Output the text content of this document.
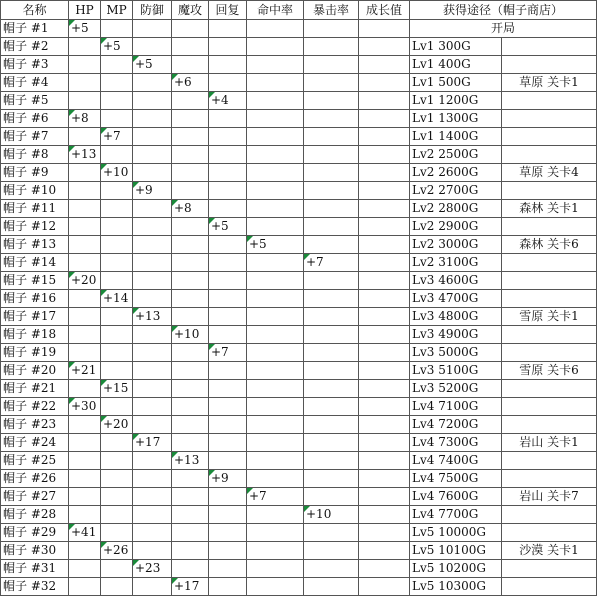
名称	HP	MP	防御	魔攻	回复	命中率	暴击率	成长值	获得途径（帽子商店）	
帽子 #1	+5								开局	
帽子 #2		+5							Lv1 300G	
帽子 #3			+5						Lv1 400G	
帽子 #4				+6					Lv1 500G	草原 关卡1
帽子 #5					+4				Lv1 1200G	
帽子 #6	+8								Lv1 1300G	
帽子 #7		+7							Lv1 1400G	
帽子 #8	+13								Lv2 2500G	
帽子 #9		+10							Lv2 2600G	草原 关卡4
帽子 #10			+9						Lv2 2700G	
帽子 #11				+8					Lv2 2800G	森林 关卡1
帽子 #12					+5				Lv2 2900G	
帽子 #13						+5			Lv2 3000G	森林 关卡6
帽子 #14							+7		Lv2 3100G	
帽子 #15	+20								Lv3 4600G	
帽子 #16		+14							Lv3 4700G	
帽子 #17			+13						Lv3 4800G	雪原 关卡1
帽子 #18				+10					Lv3 4900G	
帽子 #19					+7				Lv3 5000G	
帽子 #20	+21								Lv3 5100G	雪原 关卡6
帽子 #21		+15							Lv3 5200G	
帽子 #22	+30								Lv4 7100G	
帽子 #23		+20							Lv4 7200G	
帽子 #24			+17						Lv4 7300G	岩山 关卡1
帽子 #25				+13					Lv4 7400G	
帽子 #26					+9				Lv4 7500G	
帽子 #27						+7			Lv4 7600G	岩山 关卡7
帽子 #28							+10		Lv4 7700G	
帽子 #29	+41								Lv5 10000G	
帽子 #30		+26							Lv5 10100G	沙漠 关卡1
帽子 #31			+23						Lv5 10200G	
帽子 #32				+17					Lv5 10300G	
